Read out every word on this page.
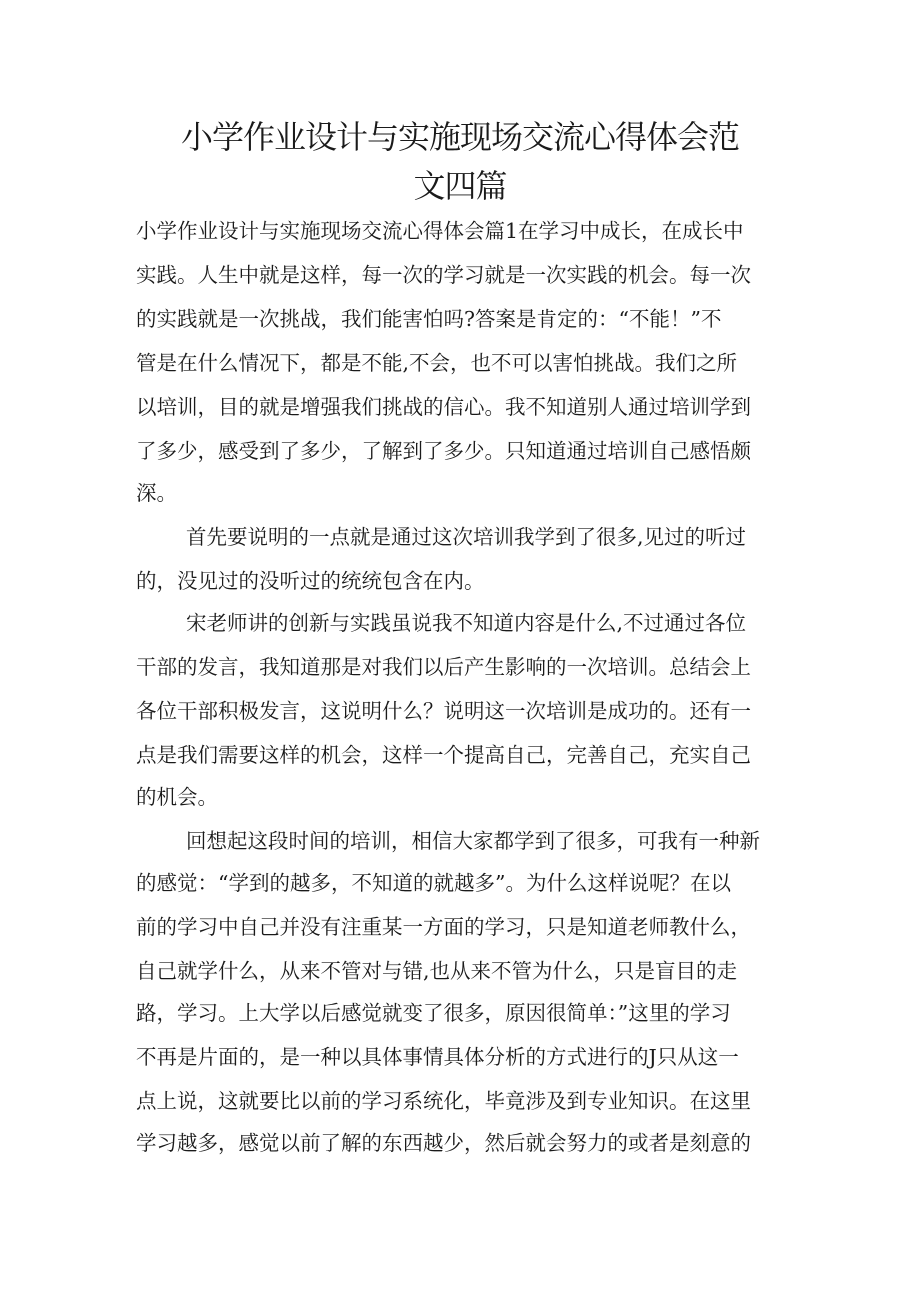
小学作业设计与实施现场交流心得体会范
文四篇
小学作业设计与实施现场交流心得体会篇1在学习中成长，在成长中
实践。人生中就是这样，每一次的学习就是一次实践的机会。每一次
的实践就是一次挑战，我们能害怕吗?答案是肯定的：“不能！”不
管是在什么情况下，都是不能,不会，也不可以害怕挑战。我们之所
以培训，目的就是增强我们挑战的信心。我不知道别人通过培训学到
了多少，感受到了多少，了解到了多少。只知道通过培训自己感悟颇
深。
首先要说明的一点就是通过这次培训我学到了很多,见过的听过
的，没见过的没听过的统统包含在内。
宋老师讲的创新与实践虽说我不知道内容是什么,不过通过各位
干部的发言，我知道那是对我们以后产生影响的一次培训。总结会上
各位干部积极发言，这说明什么？说明这一次培训是成功的。还有一
点是我们需要这样的机会，这样一个提高自己，完善自己，充实自己
的机会。
回想起这段时间的培训，相信大家都学到了很多，可我有一种新
的感觉：“学到的越多，不知道的就越多”。为什么这样说呢？在以
前的学习中自己并没有注重某一方面的学习，只是知道老师教什么，
自己就学什么，从来不管对与错,也从来不管为什么，只是盲目的走
路，学习。上大学以后感觉就变了很多，原因很简单：”这里的学习
不再是片面的，是一种以具体事情具体分析的方式进行的J只从这一
点上说，这就要比以前的学习系统化，毕竟涉及到专业知识。在这里
学习越多，感觉以前了解的东西越少，然后就会努力的或者是刻意的
